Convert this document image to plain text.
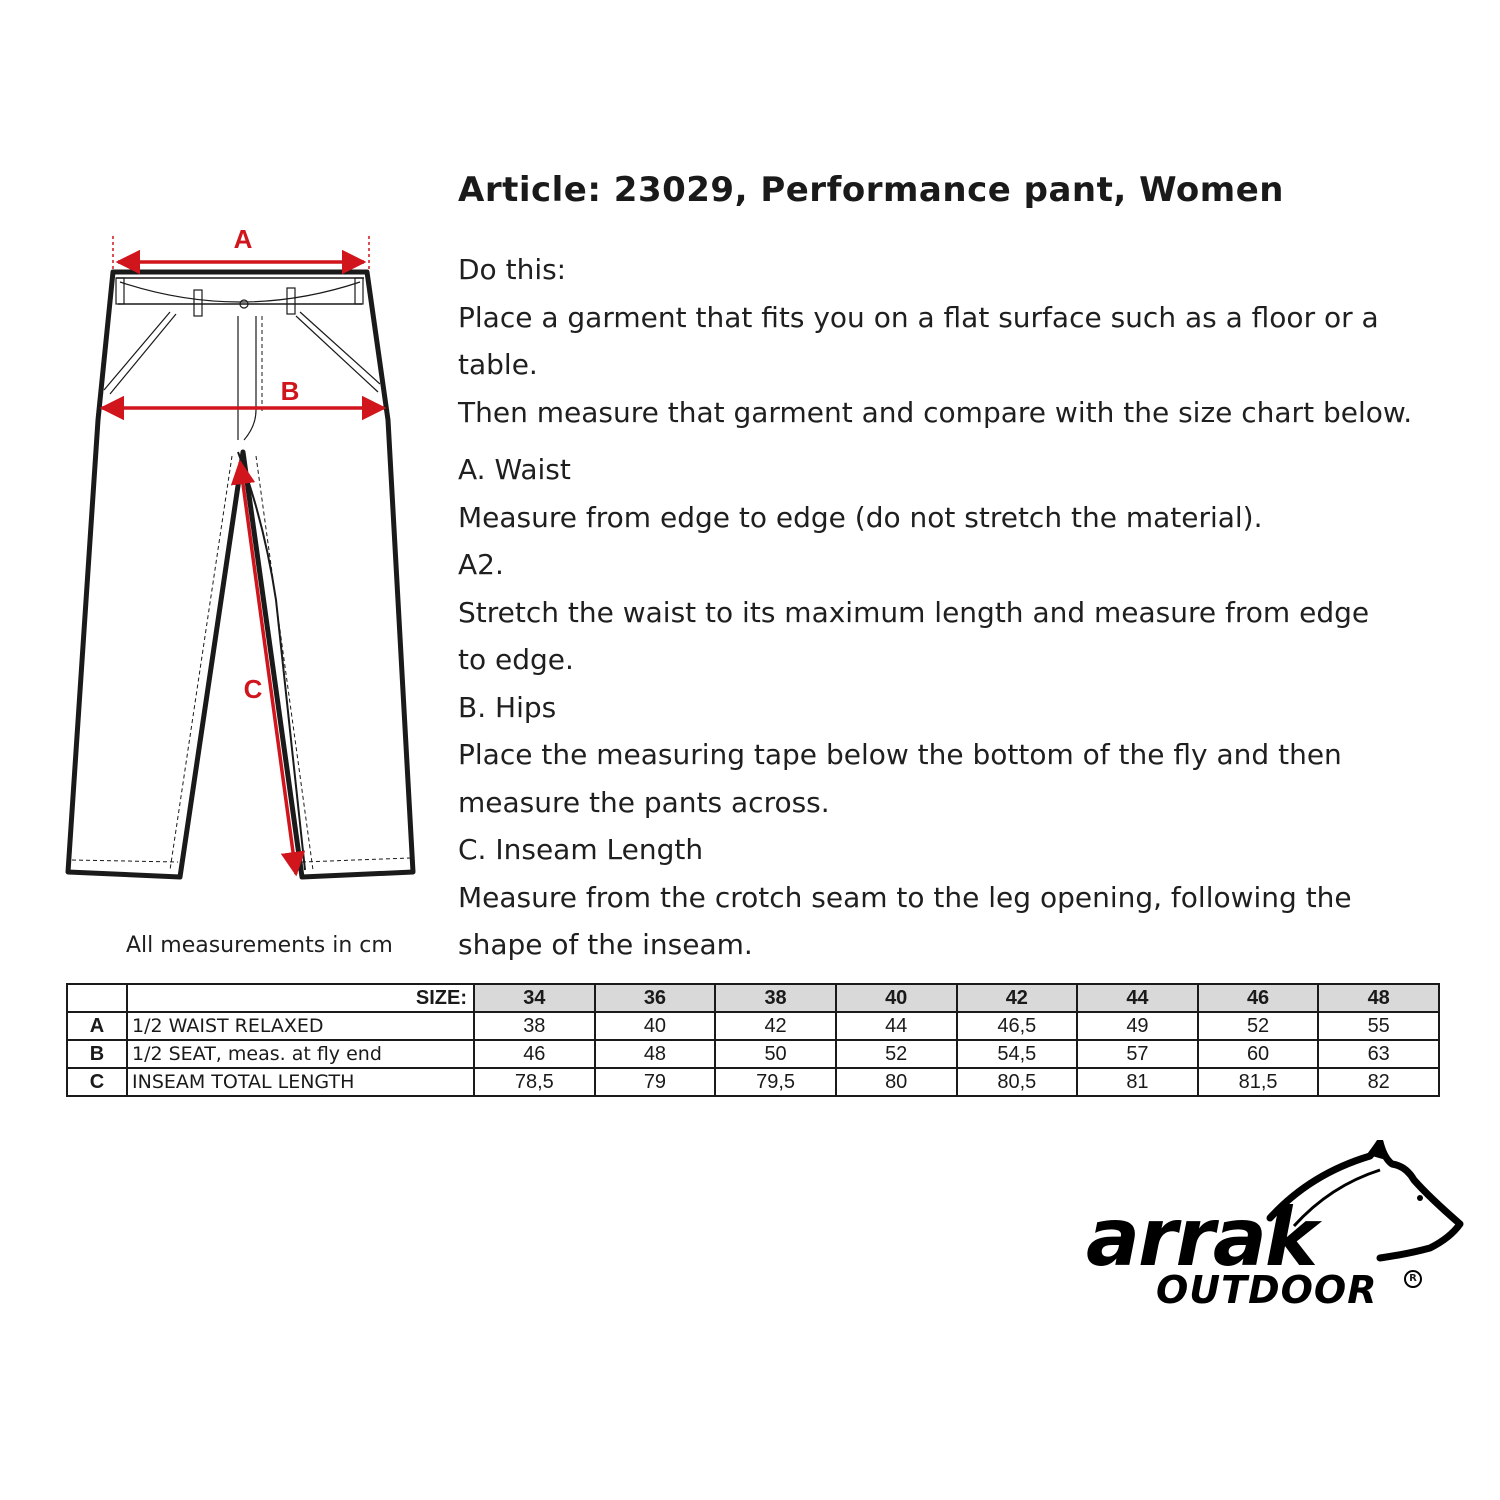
A
B
C
Article: 23029, Performance pant, Women

Do this:

Place a garment that fits you on a flat surface such as a floor or a table.

Then measure that garment and compare with the size chart below.

A. Waist

Measure from edge to edge (do not stretch the material).

A2.

Stretch the waist to its maximum length and measure from edge to edge.

B. Hips

Place the measuring tape below the bottom of the fly and then measure the pants across.

C. Inseam Length

Measure from the crotch seam to the leg opening, following the shape of the inseam.

All measurements in cm
	SIZE:	34	36	38	40	42	44	46	48
A	1/2 WAIST RELAXED	38	40	42	44	46,5	49	52	55
B	1/2 SEAT, meas. at fly end	46	48	50	52	54,5	57	60	63
C	INSEAM TOTAL LENGTH	78,5	79	79,5	80	80,5	81	81,5	82
arrak
OUTDOOR	R
